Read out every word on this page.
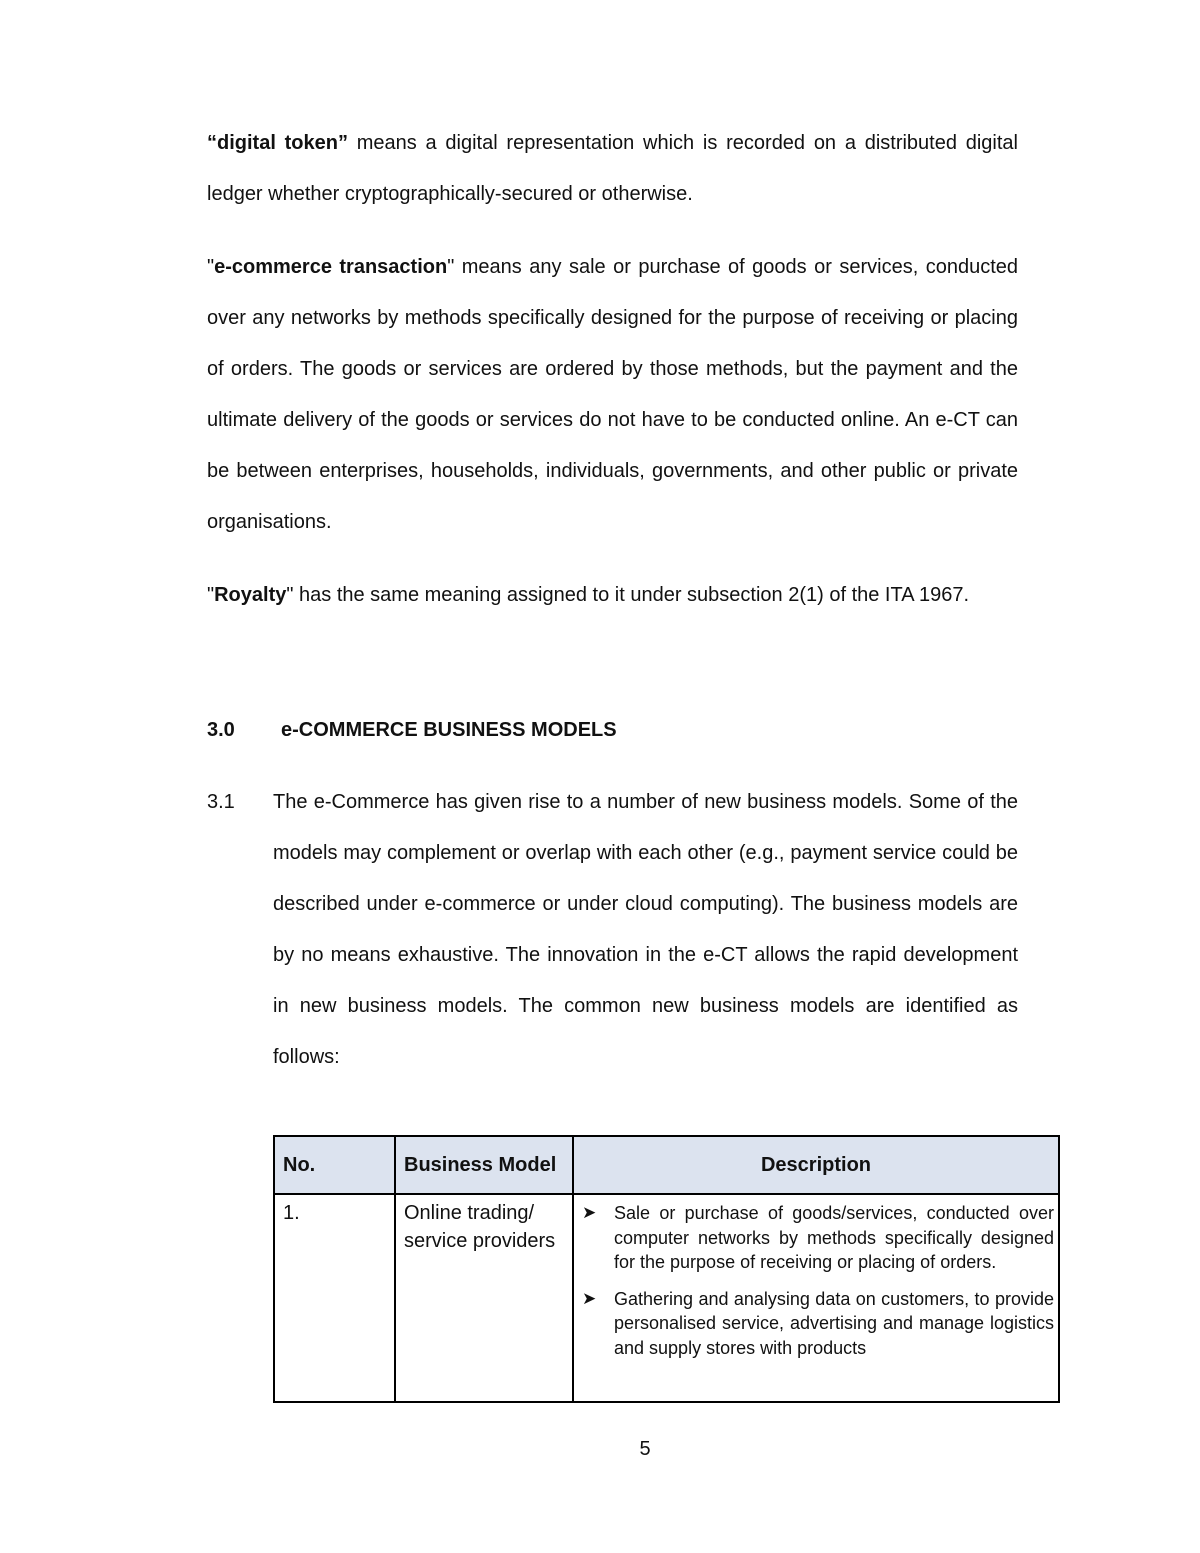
“digital token” means a digital representation which is recorded on a distributed digital ledger whether cryptographically-secured or otherwise.

"e-commerce transaction" means any sale or purchase of goods or services, conducted over any networks by methods specifically designed for the purpose of receiving or placing of orders. The goods or services are ordered by those methods, but the payment and the ultimate delivery of the goods or services do not have to be conducted online. An e-CT can be between enterprises, households, individuals, governments, and other public or private organisations.

"Royalty" has the same meaning assigned to it under subsection 2(1) of the ITA 1967.

3.0 e-COMMERCE BUSINESS MODELS
3.1 The e-Commerce has given rise to a number of new business models. Some of the models may complement or overlap with each other (e.g., payment service could be described under e-commerce or under cloud computing). The business models are by no means exhaustive. The innovation in the e-CT allows the rapid development in new business models. The common new business models are identified as follows:
No.	Business Model	Description
1.	Online trading/ service providers	➤ Sale or purchase of goods/services, conducted over computer networks by methods specifically designed for the purpose of receiving or placing of orders.
➤ Gathering and analysing data on customers, to provide personalised service, advertising and manage logistics and supply stores with products
5
